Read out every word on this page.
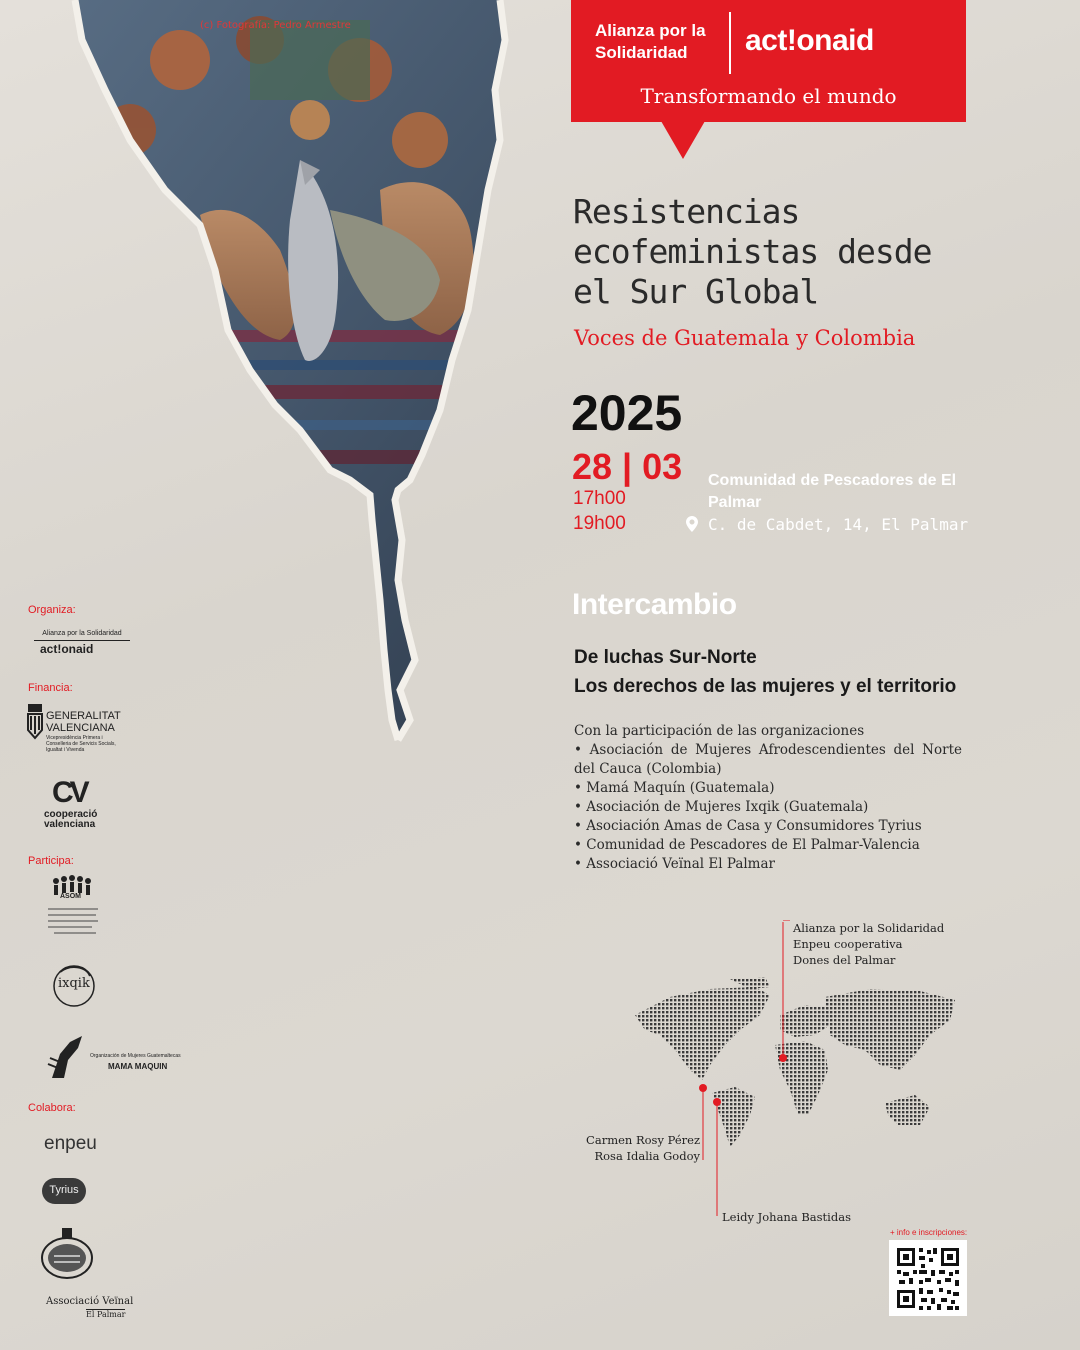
(c) Fotografía: Pedro Armestre	Alianza por la Solidaridad	act!onaid
Transformando el mundo
Resistencias
ecofeministas desde
el Sur Global
Voces de Guatemala y Colombia
2025
28 | 03
17h00
19h00
Comunidad de Pescadores de El Palmar
C. de Cabdet, 14, El Palmar
Intercambio
De luchas Sur-Norte
Los derechos de las mujeres y el territorio
Con la participación de las organizaciones
• Asociación de Mujeres Afrodescendientes del Norte del Cauca (Colombia)
• Mamá Maquín (Guatemala)
• Asociación de Mujeres Ixqik (Guatemala)
• Asociación Amas de Casa y Consumidores Tyrius
• Comunidad de Pescadores de El Palmar-Valencia
• Associació Veïnal El Palmar
Organiza:
Alianza por la Solidaridad
act!onaid
Financia:
GENERALITAT
VALENCIANA
Vicepresidència Primera i Conselleria de Servicis Socials, Igualtat i Vivenda
CV
cooperació
valenciana
Participa:
ASOM
ixqik
Organización de Mujeres Guatemaltecas
MAMA MAQUIN
Colabora:
enpeu
Tyrius
Associació Veïnal
El Palmar
Alianza por la Solidaridad
Enpeu cooperativa
Dones del Palmar
Carmen Rosy Pérez
Rosa Idalia Godoy
Leidy Johana Bastidas
+ info e inscripciones:
